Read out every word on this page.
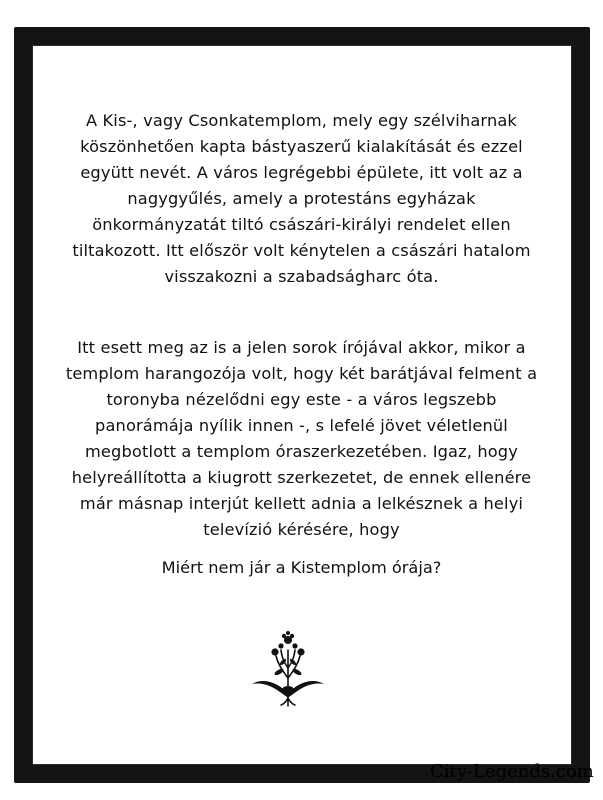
A Kis-, vagy Csonkatemplom, mely egy szélviharnak
köszönhetően kapta bástyaszerű kialakítását és ezzel
együtt nevét. A város legrégebbi épülete, itt volt az a
nagygyűlés, amely a protestáns egyházak
önkormányzatát tiltó császári-királyi rendelet ellen
tiltakozott. Itt először volt kénytelen a császári hatalom
visszakozni a szabadságharc óta.

Itt esett meg az is a jelen sorok írójával akkor, mikor a
templom harangozója volt, hogy két barátjával felment a
toronyba nézelődni egy este - a város legszebb
panorámája nyílik innen -, s lefelé jövet véletlenül
megbotlott a templom óraszerkezetében. Igaz, hogy
helyreállította a kiugrott szerkezetet, de ennek ellenére
már másnap interjút kellett adnia a lelkésznek a helyi
televízió kérésére, hogy

Miért nem jár a Kistemplom órája?

City-Legends.com
